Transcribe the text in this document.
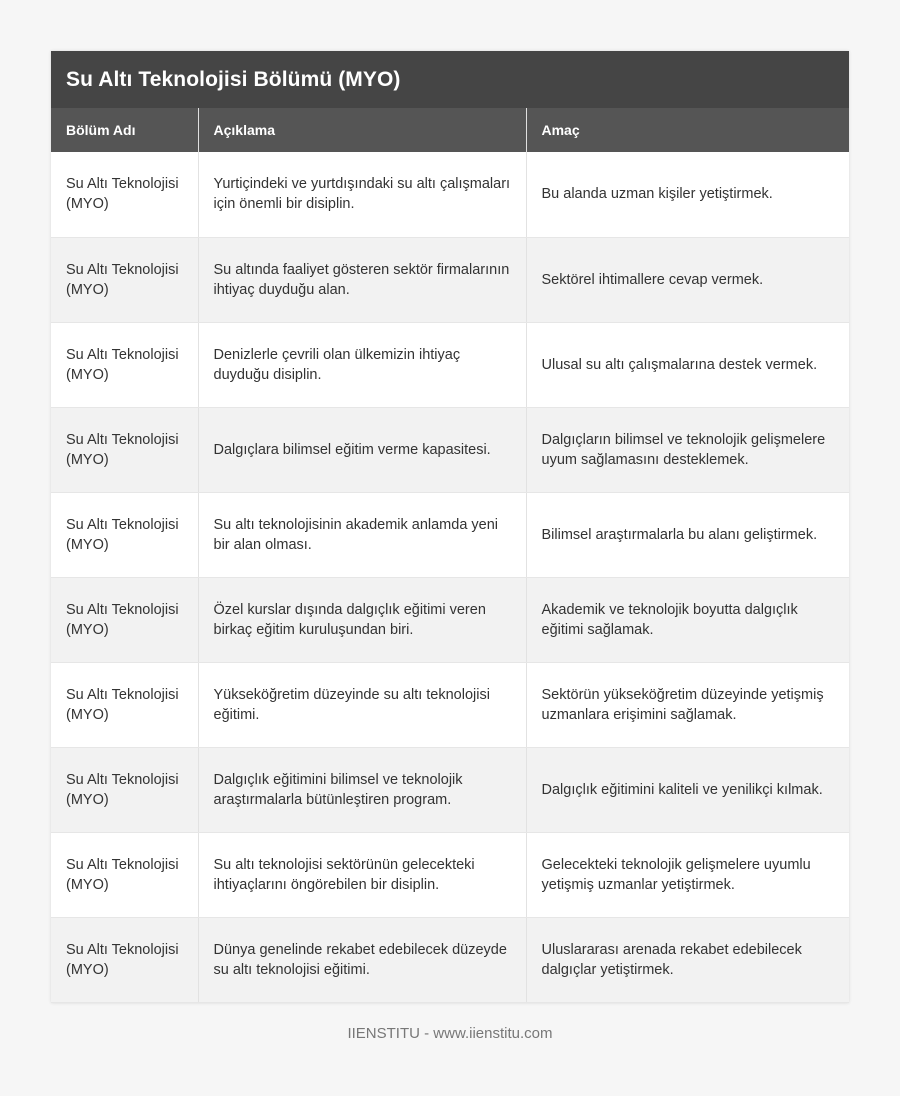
Su Altı Teknolojisi Bölümü (MYO)
Bölüm Adı	Açıklama	Amaç
Su Altı Teknolojisi (MYO)	Yurtiçindeki ve yurtdışındaki su altı çalışmaları için önemli bir disiplin.	Bu alanda uzman kişiler yetiştirmek.
Su Altı Teknolojisi (MYO)	Su altında faaliyet gösteren sektör firmalarının ihtiyaç duyduğu alan.	Sektörel ihtimallere cevap vermek.
Su Altı Teknolojisi (MYO)	Denizlerle çevrili olan ülkemizin ihtiyaç duyduğu disiplin.	Ulusal su altı çalışmalarına destek vermek.
Su Altı Teknolojisi (MYO)	Dalgıçlara bilimsel eğitim verme kapasitesi.	Dalgıçların bilimsel ve teknolojik gelişmelere uyum sağlamasını desteklemek.
Su Altı Teknolojisi (MYO)	Su altı teknolojisinin akademik anlamda yeni bir alan olması.	Bilimsel araştırmalarla bu alanı geliştirmek.
Su Altı Teknolojisi (MYO)	Özel kurslar dışında dalgıçlık eğitimi veren birkaç eğitim kuruluşundan biri.	Akademik ve teknolojik boyutta dalgıçlık eğitimi sağlamak.
Su Altı Teknolojisi (MYO)	Yükseköğretim düzeyinde su altı teknolojisi eğitimi.	Sektörün yükseköğretim düzeyinde yetişmiş uzmanlara erişimini sağlamak.
Su Altı Teknolojisi (MYO)	Dalgıçlık eğitimini bilimsel ve teknolojik araştırmalarla bütünleştiren program.	Dalgıçlık eğitimini kaliteli ve yenilikçi kılmak.
Su Altı Teknolojisi (MYO)	Su altı teknolojisi sektörünün gelecekteki ihtiyaçlarını öngörebilen bir disiplin.	Gelecekteki teknolojik gelişmelere uyumlu yetişmiş uzmanlar yetiştirmek.
Su Altı Teknolojisi (MYO)	Dünya genelinde rekabet edebilecek düzeyde su altı teknolojisi eğitimi.	Uluslararası arenada rekabet edebilecek dalgıçlar yetiştirmek.
IIENSTITU - www.iienstitu.com
